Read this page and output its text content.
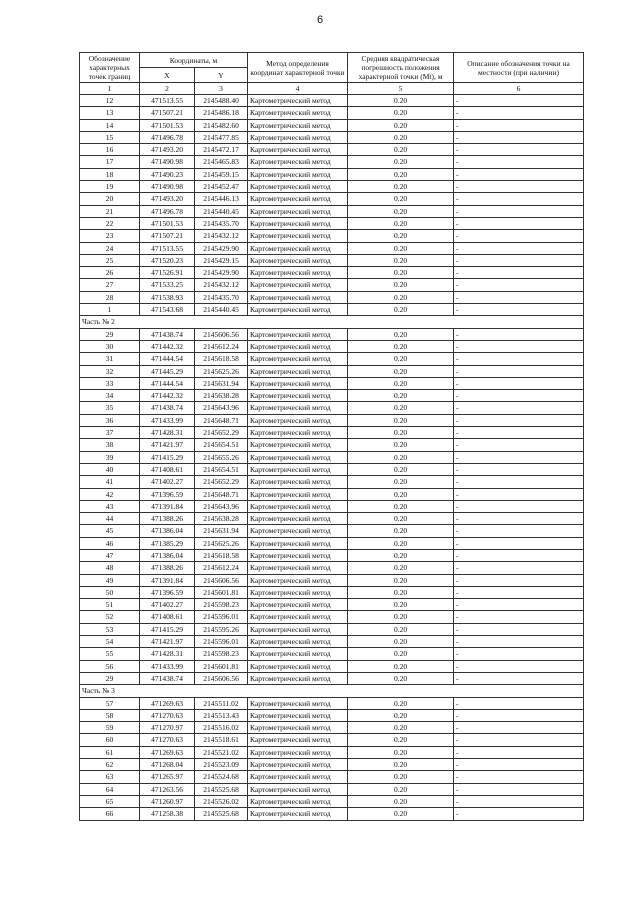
6
Обозначение характерных точек границ	Координаты, м		Метод определения координат характерной точки	Средняя квадратическая погрешность положения характерной точки (Mt), м	Описание обозначения точки на местности (при наличии)
	X	Y			
1	2	3	4	5	6
12	471513.55	2145488.40	Картометрический метод	0.20	-
13	471507.21	2145486.18	Картометрический метод	0.20	-
14	471501.53	2145482.60	Картометрический метод	0.20	-
15	471496.78	2145477.85	Картометрический метод	0.20	-
16	471493.20	2145472.17	Картометрический метод	0.20	-
17	471490.98	2145465.83	Картометрический метод	0.20	-
18	471490.23	2145459.15	Картометрический метод	0.20	-
19	471490.98	2145452.47	Картометрический метод	0.20	-
20	471493.20	2145446.13	Картометрический метод	0.20	-
21	471496.78	2145440.45	Картометрический метод	0.20	-
22	471501.53	2145435.70	Картометрический метод	0.20	-
23	471507.21	2145432.12	Картометрический метод	0.20	-
24	471513.55	2145429.90	Картометрический метод	0.20	-
25	471520.23	2145429.15	Картометрический метод	0.20	-
26	471526.91	2145429.90	Картометрический метод	0.20	-
27	471533.25	2145432.12	Картометрический метод	0.20	-
28	471538.93	2145435.70	Картометрический метод	0.20	-
1	471543.68	2145440.45	Картометрический метод	0.20	-
Часть № 2					
29	471438.74	2145606.56	Картометрический метод	0.20	-
30	471442.32	2145612.24	Картометрический метод	0.20	-
31	471444.54	2145618.58	Картометрический метод	0.20	-
32	471445.29	2145625.26	Картометрический метод	0.20	-
33	471444.54	2145631.94	Картометрический метод	0.20	-
34	471442.32	2145638.28	Картометрический метод	0.20	-
35	471438.74	2145643.96	Картометрический метод	0.20	-
36	471433.99	2145648.71	Картометрический метод	0.20	-
37	471428.31	2145652.29	Картометрический метод	0.20	-
38	471421.97	2145654.51	Картометрический метод	0.20	-
39	471415.29	2145655.26	Картометрический метод	0.20	-
40	471408.61	2145654.51	Картометрический метод	0.20	-
41	471402.27	2145652.29	Картометрический метод	0.20	-
42	471396.59	2145648.71	Картометрический метод	0.20	-
43	471391.84	2145643.96	Картометрический метод	0.20	-
44	471388.26	2145638.28	Картометрический метод	0.20	-
45	471386.04	2145631.94	Картометрический метод	0.20	-
46	471385.29	2145625.26	Картометрический метод	0.20	-
47	471386.04	2145618.58	Картометрический метод	0.20	-
48	471388.26	2145612.24	Картометрический метод	0.20	-
49	471391.84	2145606.56	Картометрический метод	0.20	-
50	471396.59	2145601.81	Картометрический метод	0.20	-
51	471402.27	2145598.23	Картометрический метод	0.20	-
52	471408.61	2145596.01	Картометрический метод	0.20	-
53	471415.29	2145595.26	Картометрический метод	0.20	-
54	471421.97	2145596.01	Картометрический метод	0.20	-
55	471428.31	2145598.23	Картометрический метод	0.20	-
56	471433.99	2145601.81	Картометрический метод	0.20	-
29	471438.74	2145606.56	Картометрический метод	0.20	-
Часть № 3					
57	471269.63	2145511.02	Картометрический метод	0.20	-
58	471270.63	2145513.43	Картометрический метод	0.20	-
59	471270.97	2145516.02	Картометрический метод	0.20	-
60	471270.63	2145518.61	Картометрический метод	0.20	-
61	471269.63	2145521.02	Картометрический метод	0.20	-
62	471268.04	2145523.09	Картометрический метод	0.20	-
63	471265.97	2145524.68	Картометрический метод	0.20	-
64	471263.56	2145525.68	Картометрический метод	0.20	-
65	471260.97	2145526.02	Картометрический метод	0.20	-
66	471258.38	2145525.68	Картометрический метод	0.20	-
